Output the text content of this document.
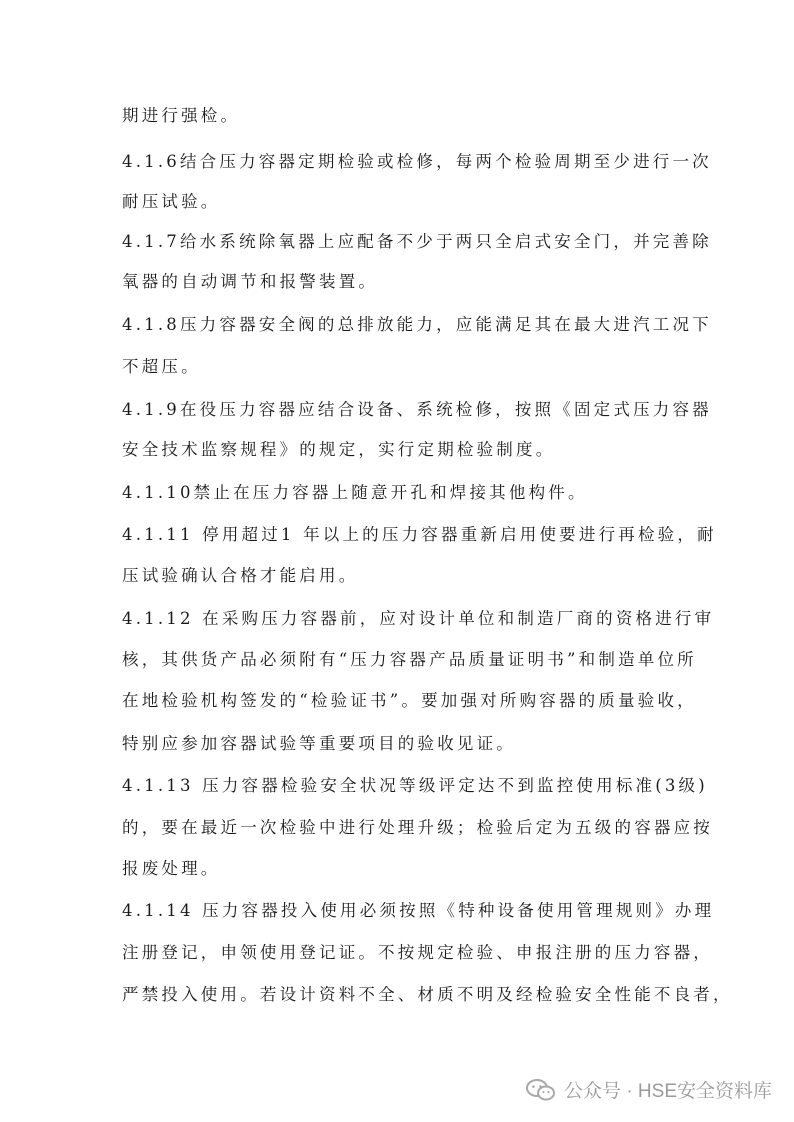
期进行强检。
4.1.6结合压力容器定期检验或检修，每两个检验周期至少进行一次
耐压试验。
4.1.7给水系统除氧器上应配备不少于两只全启式安全门，并完善除
氧器的自动调节和报警装置。
4.1.8压力容器安全阀的总排放能力，应能满足其在最大进汽工况下
不超压。
4.1.9在役压力容器应结合设备、系统检修，按照《固定式压力容器
安全技术监察规程》的规定，实行定期检验制度。
4.1.10禁止在压力容器上随意开孔和焊接其他构件。
4.1.11 停用超过1 年以上的压力容器重新启用使要进行再检验，耐
压试验确认合格才能启用。
4.1.12 在采购压力容器前，应对设计单位和制造厂商的资格进行审
核，其供货产品必须附有“压力容器产品质量证明书”和制造单位所
在地检验机构签发的“检验证书”。要加强对所购容器的质量验收，
特别应参加容器试验等重要项目的验收见证。
4.1.13 压力容器检验安全状况等级评定达不到监控使用标准(3级)
的，要在最近一次检验中进行处理升级；检验后定为五级的容器应按
报废处理。
4.1.14 压力容器投入使用必须按照《特种设备使用管理规则》办理
注册登记，申领使用登记证。不按规定检验、申报注册的压力容器，
严禁投入使用。若设计资料不全、材质不明及经检验安全性能不良者，
公众号 · HSE安全资料库
